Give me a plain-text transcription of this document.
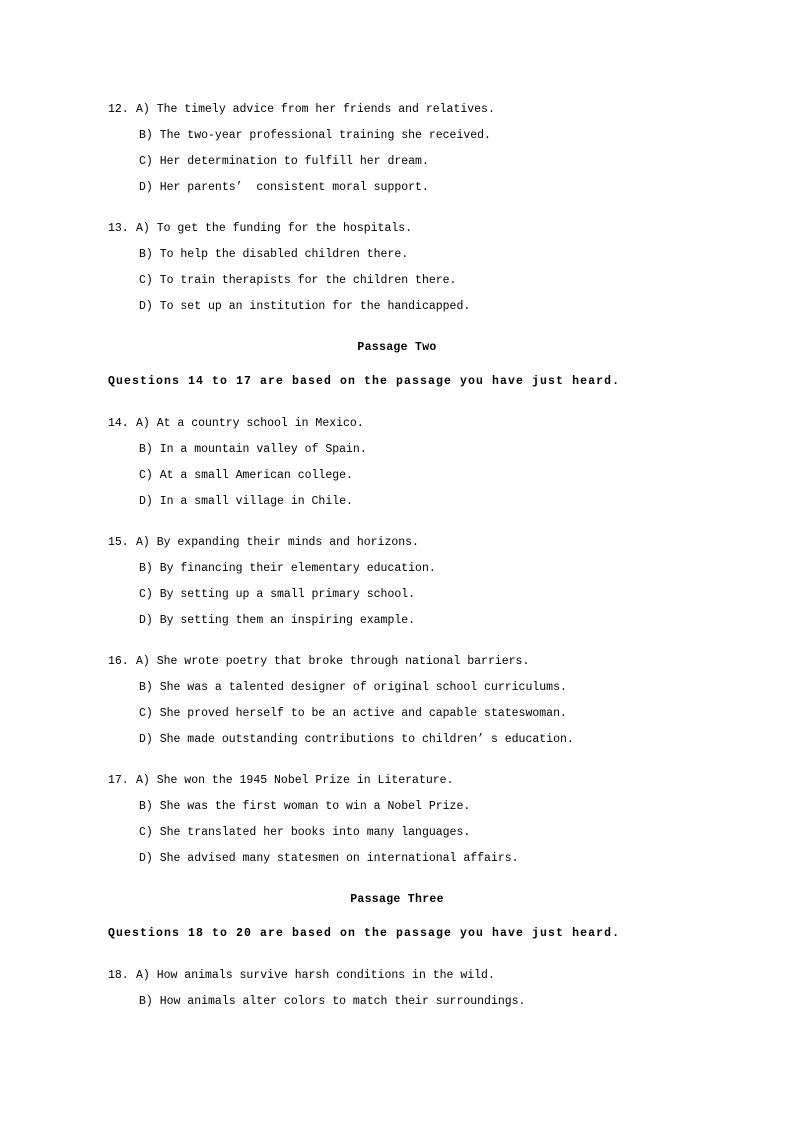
12. A) The timely advice from her friends and relatives.
B) The two-year professional training she received.
C) Her determination to fulfill her dream.
D) Her parents’  consistent moral support.
13. A) To get the funding for the hospitals.
B) To help the disabled children there.
C) To train therapists for the children there.
D) To set up an institution for the handicapped.
Passage Two
Questions 14 to 17 are based on the passage you have just heard.
14. A) At a country school in Mexico.
B) In a mountain valley of Spain.
C) At a small American college.
D) In a small village in Chile.
15. A) By expanding their minds and horizons.
B) By financing their elementary education.
C) By setting up a small primary school.
D) By setting them an inspiring example.
16. A) She wrote poetry that broke through national barriers.
B) She was a talented designer of original school curriculums.
C) She proved herself to be an active and capable stateswoman.
D) She made outstanding contributions to children’ s education.
17. A) She won the 1945 Nobel Prize in Literature.
B) She was the first woman to win a Nobel Prize.
C) She translated her books into many languages.
D) She advised many statesmen on international affairs.
Passage Three
Questions 18 to 20 are based on the passage you have just heard.
18. A) How animals survive harsh conditions in the wild.
B) How animals alter colors to match their surroundings.
